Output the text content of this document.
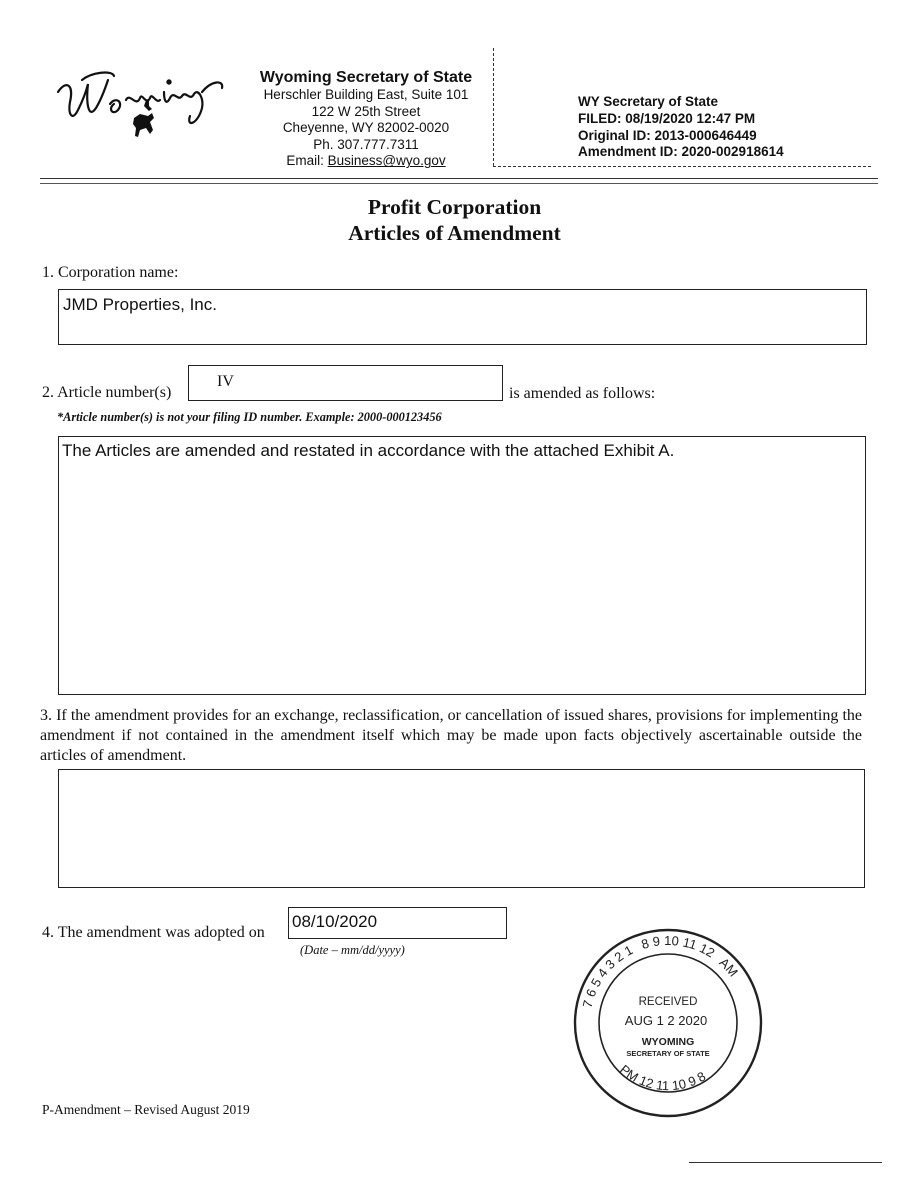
Wyoming Secretary of State
Herschler Building East, Suite 101
122 W 25th Street
Cheyenne, WY 82002-0020
Ph. 307.777.7311
Email: Business@wyo.gov
WY Secretary of State
FILED: 08/19/2020 12:47 PM
Original ID: 2013-000646449
Amendment ID: 2020-002918614
Profit Corporation
Articles of Amendment
1. Corporation name:
JMD Properties, Inc.
2. Article number(s)
IV
is amended as follows:
*Article number(s) is not your filing ID number. Example: 2000-000123456
The Articles are amended and restated in accordance with the attached Exhibit A.
3. If the amendment provides for an exchange, reclassification, or cancellation of issued shares, provisions for implementing the amendment if not contained in the amendment itself which may be made upon facts objectively ascertainable outside the articles of amendment.
4. The amendment was adopted on
08/10/2020
(Date – mm/dd/yyyy)
7 6 5 4 3 2 1 8 9 10 11 12 AM
PM 12 11 10 9 8
RECEIVED
AUG 1 2 2020
WYOMING
SECRETARY OF STATE
P-Amendment – Revised August 2019
